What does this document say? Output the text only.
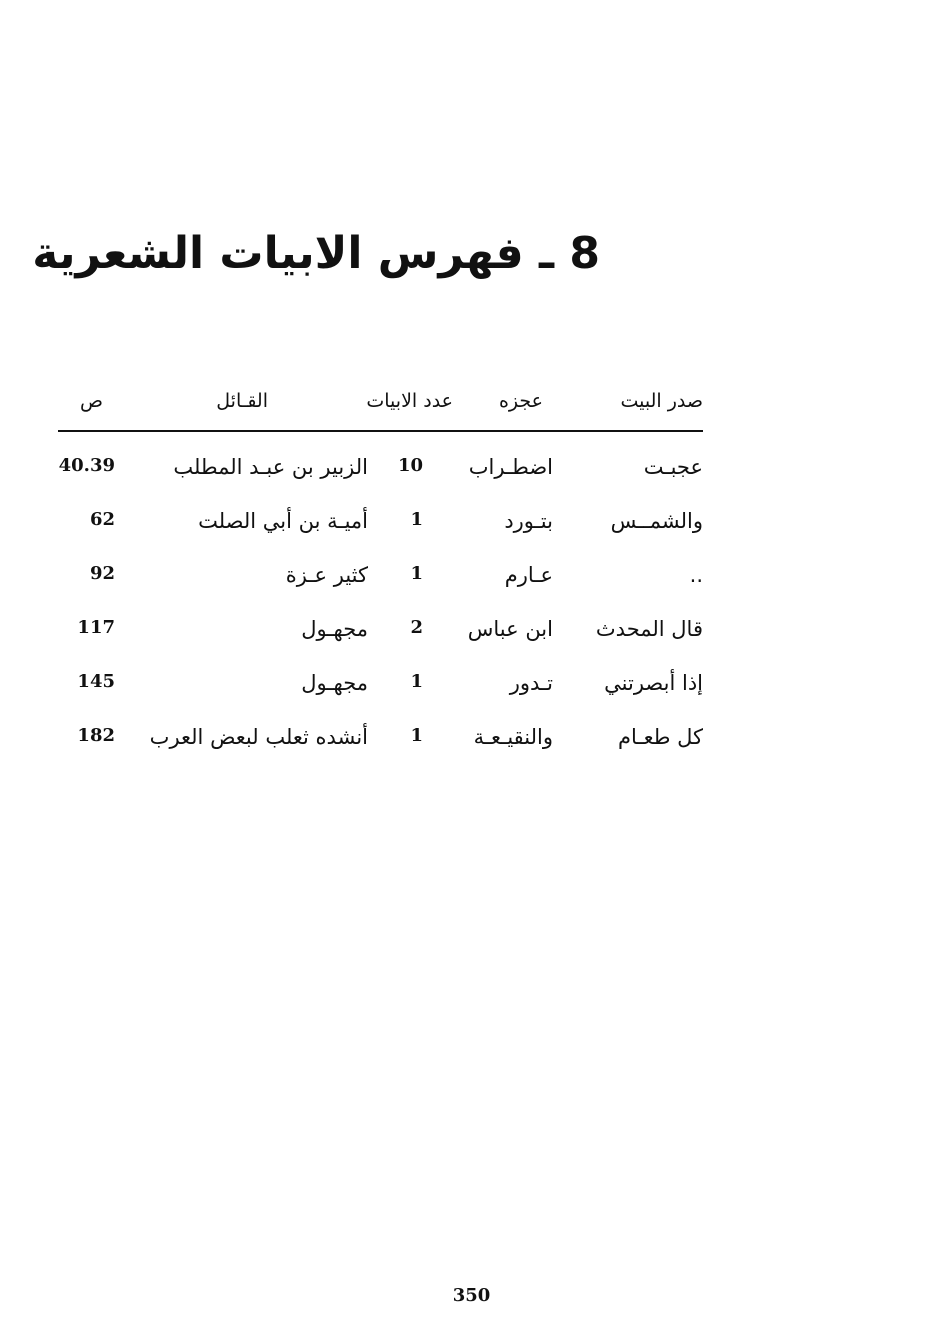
8 ـ فهرس الابيات الشعرية
صدر البيت
عجزه
عدد الابيات
القـائل
ص
عجبـت
اضطـراب
10
الزبير بن عبـد المطلب
40.39
والشمــس
بتـورد
1
أميـة بن أبي الصلت
62
..
عـارم
1
كثير عـزة
92
قال المحدث
ابن عباس
2
مجهـول
117
إذا أبصرتني
تـدور
1
مجهـول
145
كل طعـام
والنقيـعـة
1
أنشده ثعلب لبعض العرب
182
350
